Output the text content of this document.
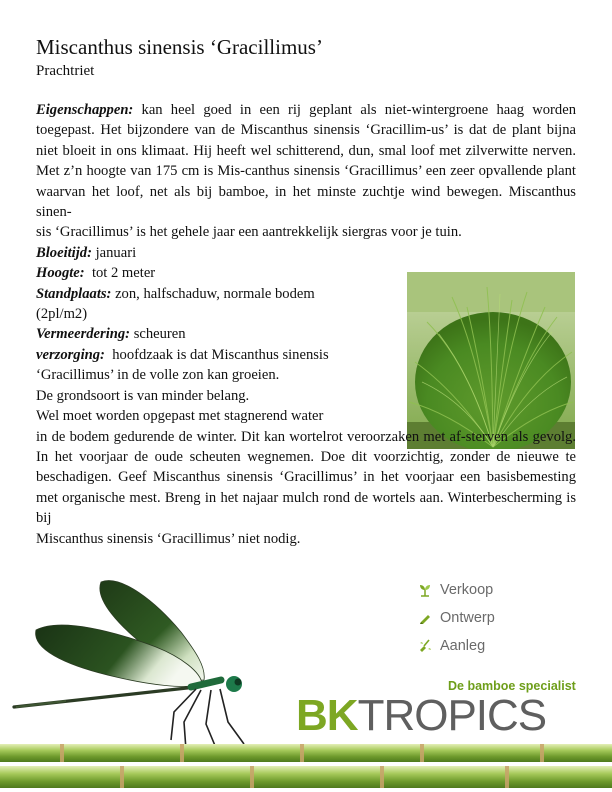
Miscanthus sinensis ‘Gracillimus’
Prachtriet

Eigenschappen: kan heel goed in een rij geplant als niet-wintergroene haag worden toegepast. Het bijzondere van de Miscanthus sinensis ‘Gracillim-us’ is dat de plant bijna niet bloeit in ons klimaat. Hij heeft wel schitterend, dun, smal loof met zilverwitte nerven. Met z’n hoogte van 175 cm is Mis-canthus sinensis ‘Gracillimus’ een zeer opvallende plant waarvan het loof, net als bij bamboe, in het minste zuchtje wind bewegen. Miscanthus sinen-

sis ‘Gracillimus’ is het gehele jaar een aantrekkelijk siergras voor je tuin.

Bloeitijd: januari

Hoogte:  tot 2 meter

Standplaats: zon, halfschaduw, normale bodem

(2pl/m2)

Vermeerdering: scheuren

verzorging:  hoofdzaak is dat Miscanthus sinensis

‘Gracillimus’ in de volle zon kan groeien.

De grondsoort is van minder belang.

Wel moet worden opgepast met stagnerend water

in de bodem gedurende de winter. Dit kan wortelrot veroorzaken met af-sterven als gevolg. In het voorjaar de oude scheuten wegnemen. Doe dit voorzichtig, zonder de nieuwe te beschadigen. Geef Miscanthus sinensis ‘Gracillimus’ in het voorjaar een basisbemesting met organische mest. Breng in het najaar mulch rond de wortels aan. Winterbescherming is bij

Miscanthus sinensis ‘Gracillimus’ niet nodig.

Verkoop
Ontwerp
Aanleg
De bamboe specialist
BKTROPICS
